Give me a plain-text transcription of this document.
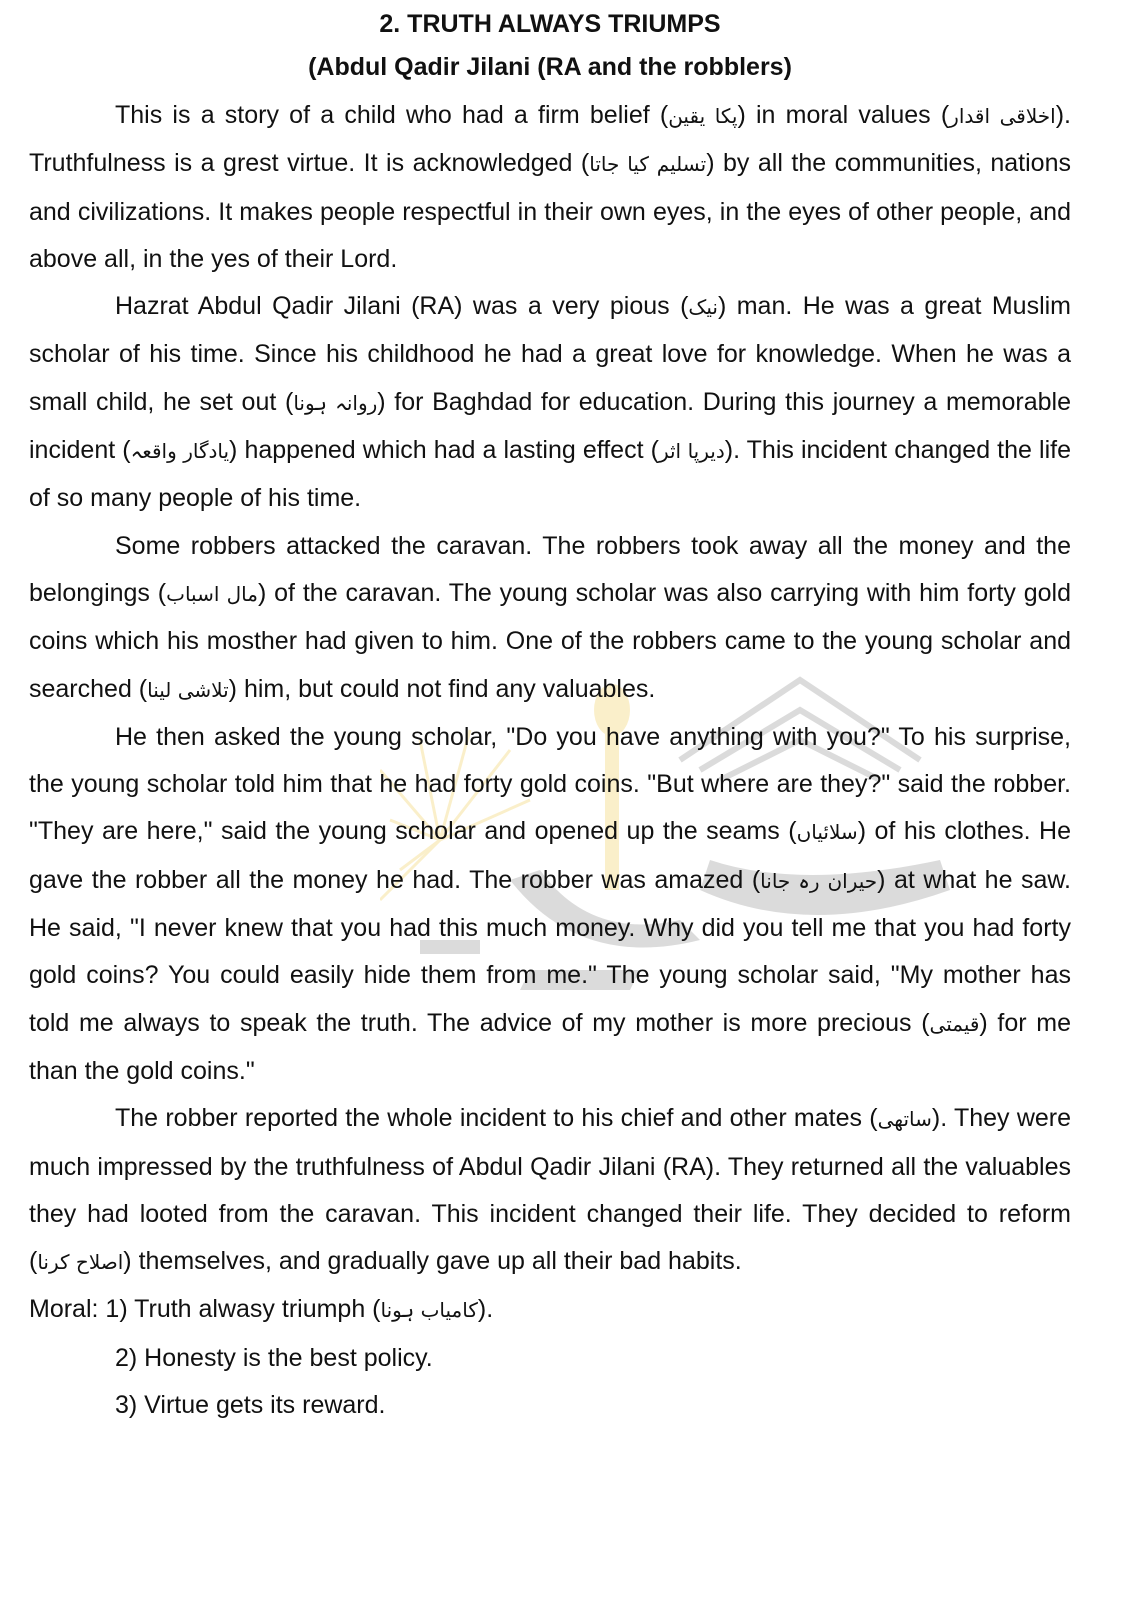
2. TRUTH ALWAYS TRIUMPS
(Abdul Qadir Jilani (RA and the robblers)

This is a story of a child who had a firm belief (پکا یقین) in moral values (اخلاقی اقدار). Truthfulness is a grest virtue. It is acknowledged (تسلیم کیا جاتا) by all the communities, nations and civilizations. It makes people respectful in their own eyes, in the eyes of other people, and above all, in the yes of their Lord.

Hazrat Abdul Qadir Jilani (RA) was a very pious (نیک) man. He was a great Muslim scholar of his time. Since his childhood he had a great love for knowledge. When he was a small child, he set out (روانہ ہونا) for Baghdad for education. During this journey a memorable incident (یادگار واقعہ) happened which had a lasting effect (دیرپا اثر). This incident changed the life of so many people of his time.

Some robbers attacked the caravan. The robbers took away all the money and the belongings (مال اسباب) of the caravan. The young scholar was also carrying with him forty gold coins which his mosther had given to him. One of the robbers came to the young scholar and searched (تلاشی لینا) him, but could not find any valuables.

He then asked the young scholar, "Do you have anything with you?" To his surprise, the young scholar told him that he had forty gold coins. "But where are they?" said the robber. "They are here," said the young scholar and opened up the seams (سلائیاں) of his clothes. He gave the robber all the money he had. The robber was amazed (حیران رہ جانا) at what he saw. He said, "I never knew that you had this much money. Why did you tell me that you had forty gold coins? You could easily hide them from me." The young scholar said, "My mother has told me always to speak the truth. The advice of my mother is more precious (قیمتی) for me than the gold coins."

The robber reported the whole incident to his chief and other mates (ساتھی). They were much impressed by the truthfulness of Abdul Qadir Jilani (RA). They returned all the valuables they had looted from the caravan. This incident changed their life. They decided to reform (اصلاح کرنا) themselves, and gradually gave up all their bad habits.

Moral: 1) Truth alwasy triumph (کامیاب ہونا).
2) Honesty is the best policy.
3) Virtue gets its reward.
